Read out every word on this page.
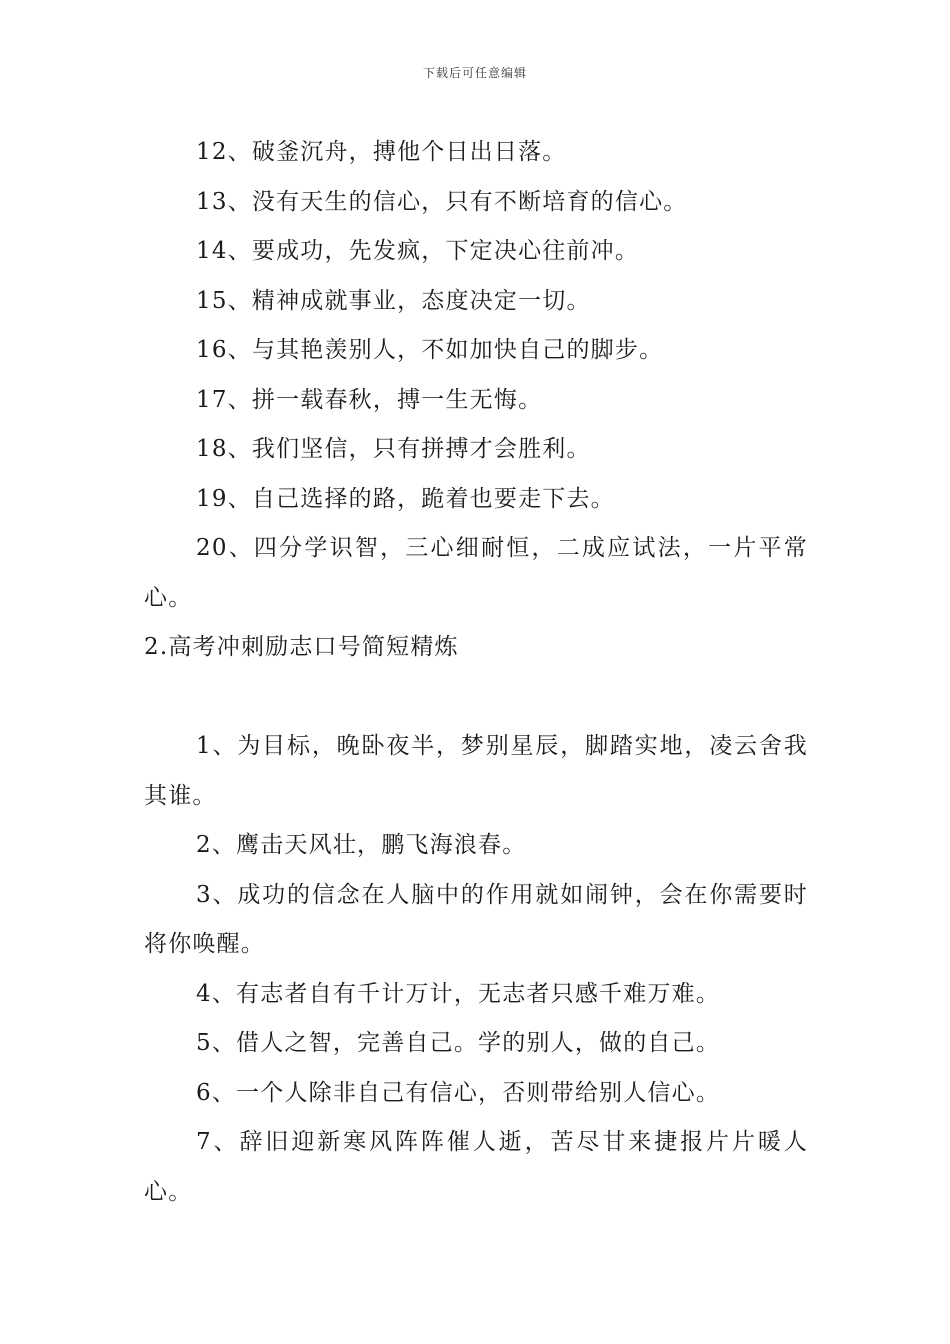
下载后可任意编辑

12、破釜沉舟，搏他个日出日落。

13、没有天生的信心，只有不断培育的信心。

14、要成功，先发疯，下定决心往前冲。

15、精神成就事业，态度决定一切。

16、与其艳羡别人，不如加快自己的脚步。

17、拼一载春秋，搏一生无悔。

18、我们坚信，只有拼搏才会胜利。

19、自己选择的路，跪着也要走下去。

20、四分学识智，三心细耐恒，二成应试法，一片平常心。

2.高考冲刺励志口号简短精炼

1、为目标，晚卧夜半，梦别星辰，脚踏实地，凌云舍我其谁。

2、鹰击天风壮，鹏飞海浪春。

3、成功的信念在人脑中的作用就如闹钟，会在你需要时将你唤醒。

4、有志者自有千计万计，无志者只感千难万难。

5、借人之智，完善自己。学的别人，做的自己。

6、一个人除非自己有信心，否则带给别人信心。

7、辞旧迎新寒风阵阵催人逝，苦尽甘来捷报片片暖人心。
